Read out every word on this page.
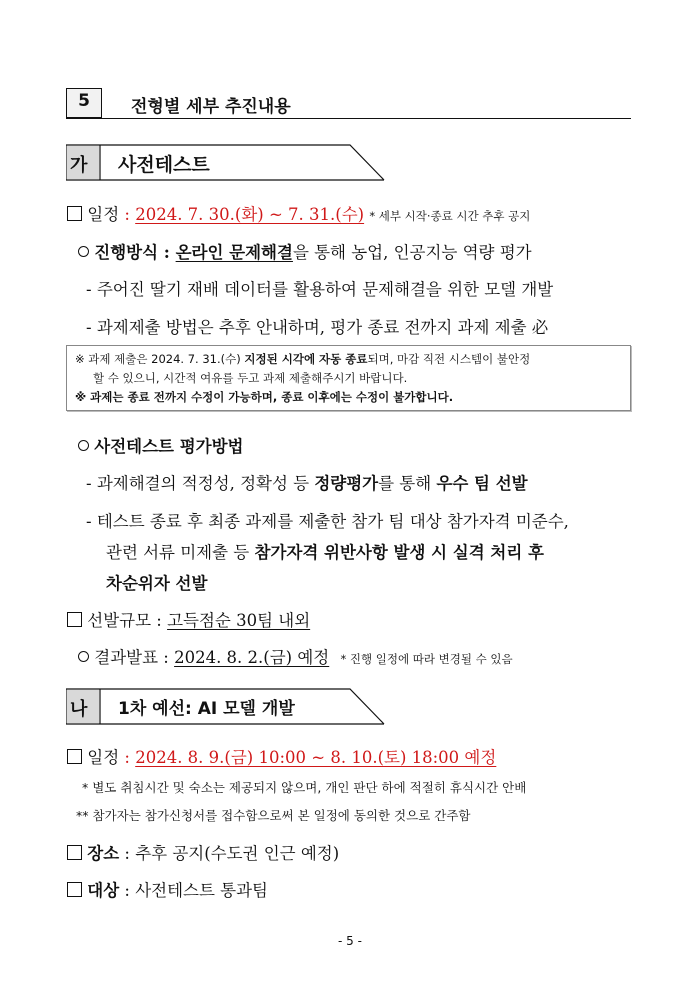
5	전형별 세부 추진내용
가 사전테스트
일정 : 2024. 7. 30.(화) ~ 7. 31.(수) * 세부 시작·종료 시간 추후 공지
진행방식 : 온라인 문제해결을 통해 농업, 인공지능 역량 평가
- 주어진 딸기 재배 데이터를 활용하여 문제해결을 위한 모델 개발
- 과제제출 방법은 추후 안내하며, 평가 종료 전까지 과제 제출 必
※ 과제 제출은 2024. 7. 31.(수) 지정된 시각에 자동 종료되며, 마감 직전 시스템이 불안정
할 수 있으니, 시간적 여유를 두고 과제 제출해주시기 바랍니다.
※ 과제는 종료 전까지 수정이 가능하며, 종료 이후에는 수정이 불가합니다.
사전테스트 평가방법
- 과제해결의 적정성, 정확성 등 정량평가를 통해 우수 팀 선발
- 테스트 종료 후 최종 과제를 제출한 참가 팀 대상 참가자격 미준수,
관련 서류 미제출 등 참가자격 위반사항 발생 시 실격 처리 후
차순위자 선발
선발규모 : 고득점순 30팀 내외
결과발표 : 2024. 8. 2.(금) 예정 * 진행 일정에 따라 변경될 수 있음
나 1차 예선: AI 모델 개발
일정 : 2024. 8. 9.(금) 10:00 ~ 8. 10.(토) 18:00 예정
* 별도 취침시간 및 숙소는 제공되지 않으며, 개인 판단 하에 적절히 휴식시간 안배
** 참가자는 참가신청서를 접수함으로써 본 일정에 동의한 것으로 간주함
장소 : 추후 공지(수도권 인근 예정)
대상 : 사전테스트 통과팀
- 5 -
